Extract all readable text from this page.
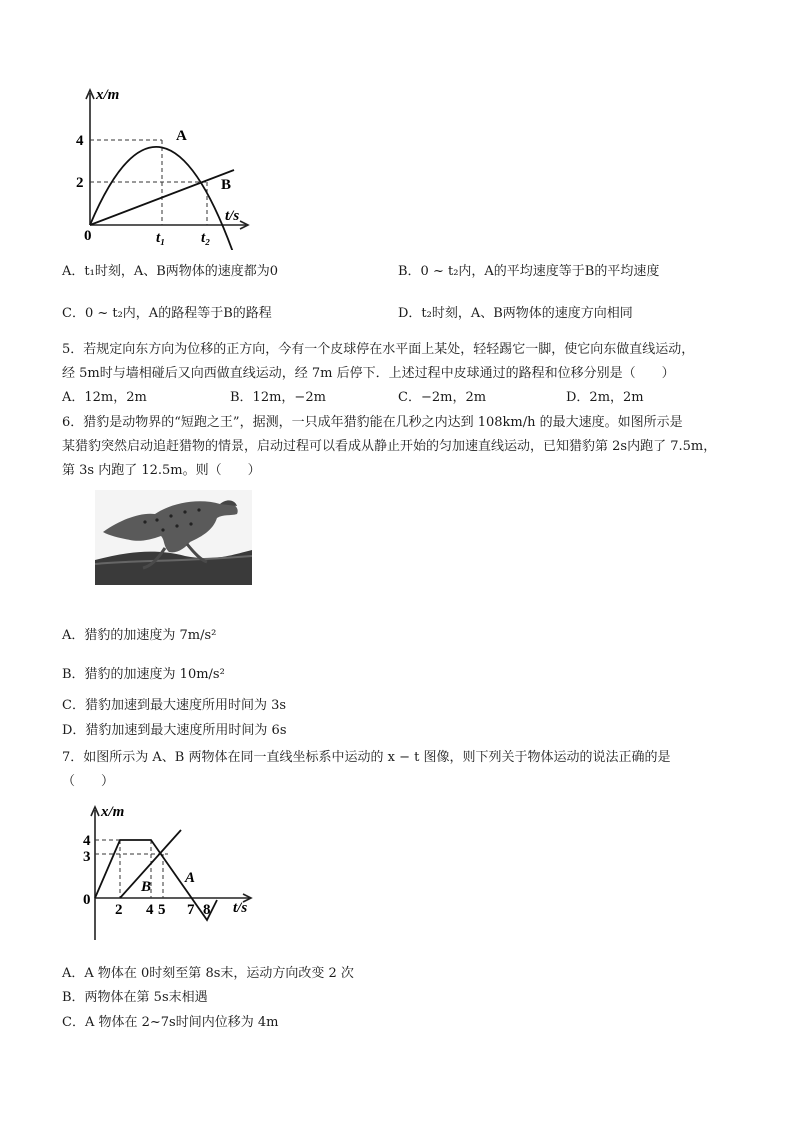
x/m
t/s
0
4
2
t₁ t₂
A
B
A．t₁时刻，A、B两物体的速度都为0	B．0 ~ t₂内，A的平均速度等于B的平均速度
C．0 ~ t₂内，A的路程等于B的路程	D．t₂时刻，A、B两物体的速度方向相同
5．若规定向东方向为位移的正方向，今有一个皮球停在水平面上某处，轻轻踢它一脚，使它向东做直线运动，
经 5m时与墙相碰后又向西做直线运动，经 7m 后停下．上述过程中皮球通过的路程和位移分别是（　　）
A．12m，2m	B．12m，−2m	C．−2m，2m	D．2m，2m
6．猎豹是动物界的“短跑之王”，据测，一只成年猎豹能在几秒之内达到 108km/h 的最大速度。如图所示是
某猎豹突然启动追赶猎物的情景，启动过程可以看成从静止开始的匀加速直线运动，已知猎豹第 2s内跑了 7.5m，
第 3s 内跑了 12.5m。则（　　）
A．猎豹的加速度为 7m/s²
B．猎豹的加速度为 10m/s²
C．猎豹加速到最大速度所用时间为 3s
D．猎豹加速到最大速度所用时间为 6s
7．如图所示为 A、B 两物体在同一直线坐标系中运动的 x − t 图像，则下列关于物体运动的说法正确的是
（　　）
x/m
t/s
0
4
3
2 4 5 7 8
A
B
A．A 物体在 0时刻至第 8s末，运动方向改变 2 次
B．两物体在第 5s末相遇
C．A 物体在 2~7s时间内位移为 4m
